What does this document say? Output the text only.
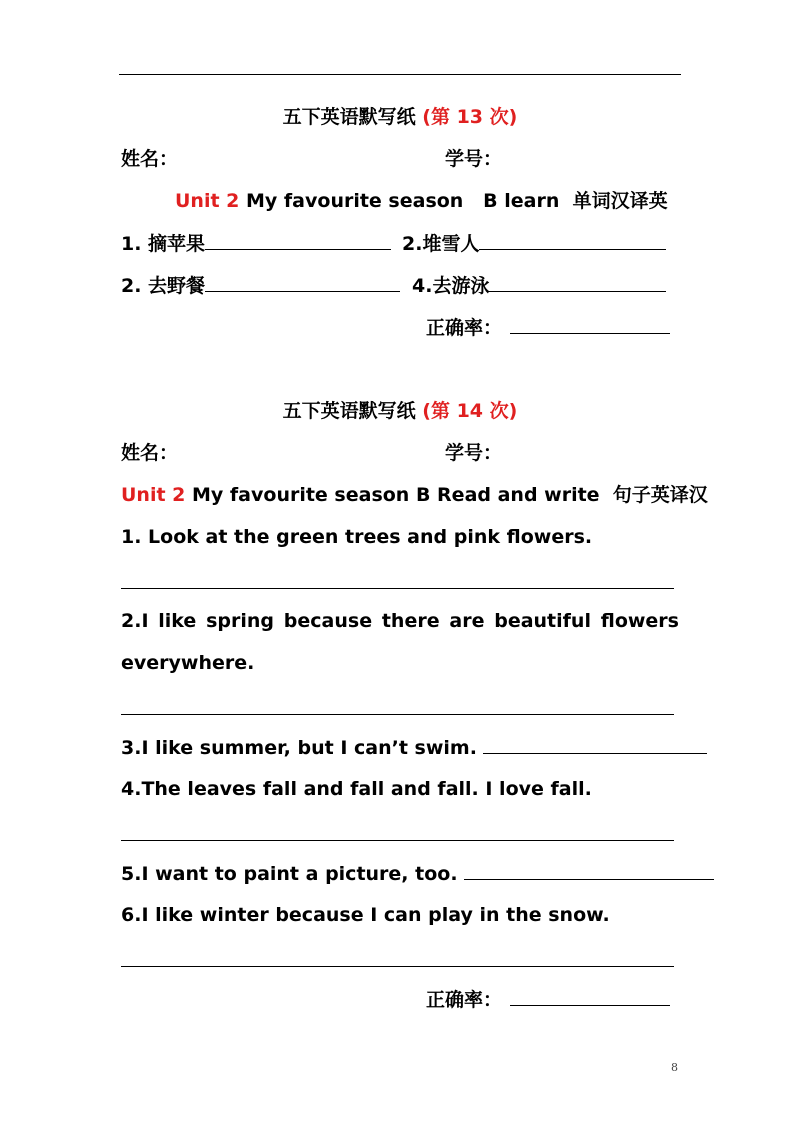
五下英语默写纸 (第 13 次)
姓名：	学号：
Unit 2 My favourite season   B learn  单词汉译英
1. 摘苹果	2.堆雪人
2. 去野餐	4.去游泳
正确率：
五下英语默写纸 (第 14 次)
姓名：	学号：
Unit 2 My favourite season B Read and write  句子英译汉
1. Look at the green trees and pink flowers.
2.I like spring because there are beautiful flowers
everywhere.
3.I like summer, but I can’t swim.
4.The leaves fall and fall and fall. I love fall.
5.I want to paint a picture, too.
6.I like winter because I can play in the snow.
正确率：
8
